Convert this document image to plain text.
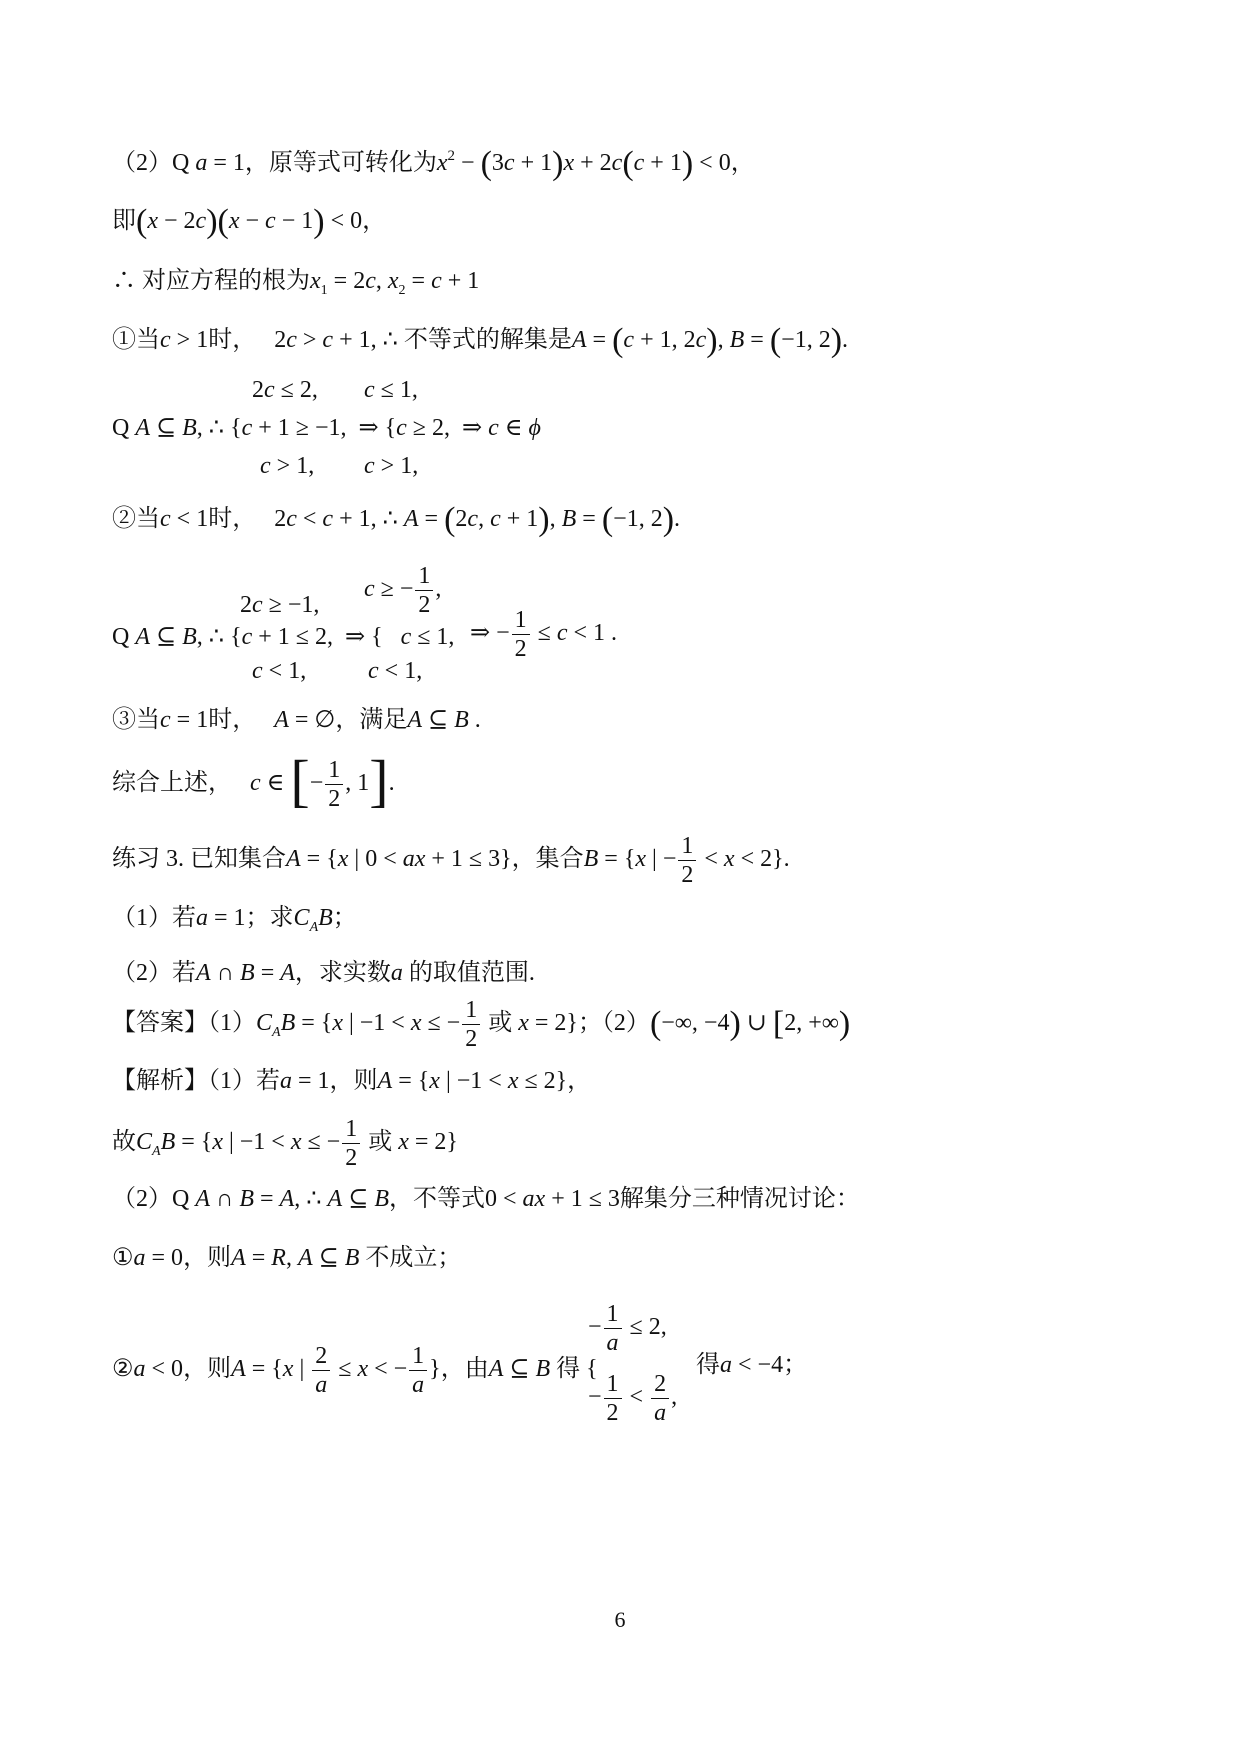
（2）Q a = 1，原等式可转化为$x^2 - (3c + 1)x + 2c(c + 1) < 0$，
即(x − 2c)(x − c − 1) < 0，
∴ 对应方程的根为$x_1 = 2c$, $x_2 = c + 1$
①当c > 1时，   2c > c + 1, ∴ 不等式的解集是A = (c + 1, 2c), B = (−1, 2).
2c ≤ 2, c ≤ 1,
Q A ⊆ B, ∴ {c + 1 ≥ −1,  ⇒ {c ≥ 2,  ⇒ c ∈ ϕ
c > 1, c > 1,
②当c < 1时，   2c < c + 1, ∴ A = (2c, c + 1), B = (−1, 2).
c ≥ − $\frac{1}{2}$ ,
2c ≥ −1,
Q A ⊆ B, ∴ {c + 1 ≤ 2,  ⇒ {   c ≤ 1, ⇒ − $\frac{1}{2} \le c < 1$ .
c < 1,	c < 1,
③当c = 1时， A = ∅，满足A ⊆ B .
综合上述， c ∈ [− $\frac{1}{2}$ , 1].
练习 3. 已知集合A = {x | 0 < ax + 1 ≤ 3}，集合B = {x | − $\frac{1}{2} < x < 2$}.
（1）若a = 1；求$C_AB$；
（2）若A ∩ B = A，求实数a 的取值范围.
【答案】$(1)C_AB = \{x$ | −1 < x ≤ − $\frac{1}{2}$ 或 x = 2}；（2）(−∞, −4) ∪ [2, +∞)
【解析】（1）若a = 1，则A = {x | −1 < x ≤ 2}，
故$C_AB = \{x$ | −1 < x ≤ − $\frac{1}{2}$ 或 x = 2}
（2）Q A ∩ B = A, ∴ A ⊆ B，不等式0 < ax + 1 ≤ 3解集分三种情况讨论：
①a = 0，则A = R, A ⊆ B 不成立；
②a < 0，则A = {x | $\frac{2}{a} \le x$ < − $\frac{1}{a}$ }，由A ⊆ B 得 {
− $\frac{1}{a} \le 2$,
− $\frac{1}{2} < \frac{2}{a}$ ,
得a < −4；
6
